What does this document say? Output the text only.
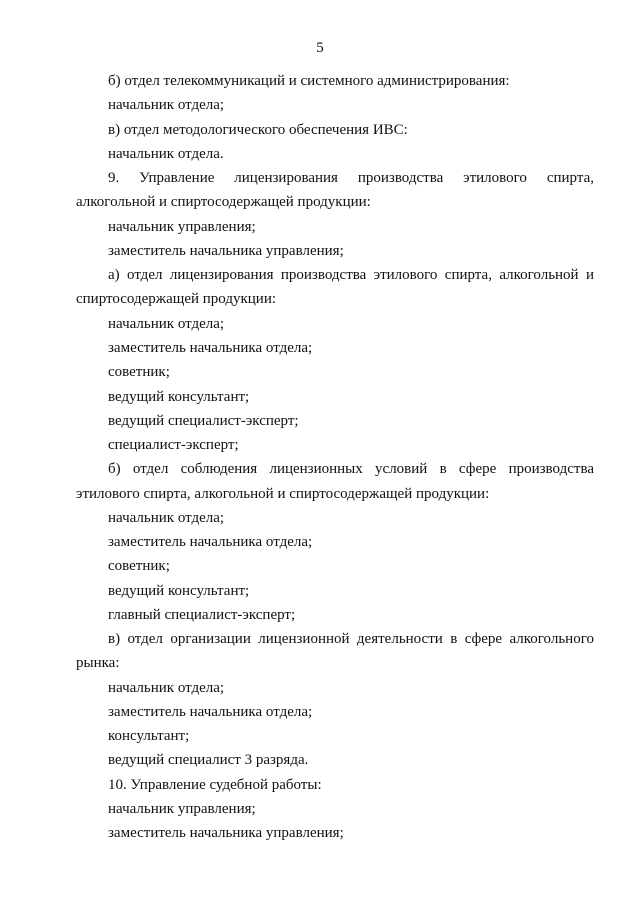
5
б) отдел телекоммуникаций и системного администрирования:
начальник отдела;
в) отдел методологического обеспечения ИВС:
начальник отдела.
9.   Управление   лицензирования   производства   этилового   спирта,
алкогольной и спиртосодержащей продукции:
начальник управления;
заместитель начальника управления;
а) отдел лицензирования производства этилового спирта, алкогольной и
спиртосодержащей продукции:
начальник отдела;
заместитель начальника отдела;
советник;
ведущий консультант;
ведущий специалист-эксперт;
специалист-эксперт;
б) отдел соблюдения лицензионных условий в сфере производства
этилового спирта, алкогольной и спиртосодержащей продукции:
начальник отдела;
заместитель начальника отдела;
советник;
ведущий консультант;
главный специалист-эксперт;
в) отдел организации лицензионной деятельности в сфере алкогольного
рынка:
начальник отдела;
заместитель начальника отдела;
консультант;
ведущий специалист 3 разряда.
10. Управление судебной работы:
начальник управления;
заместитель начальника управления;
